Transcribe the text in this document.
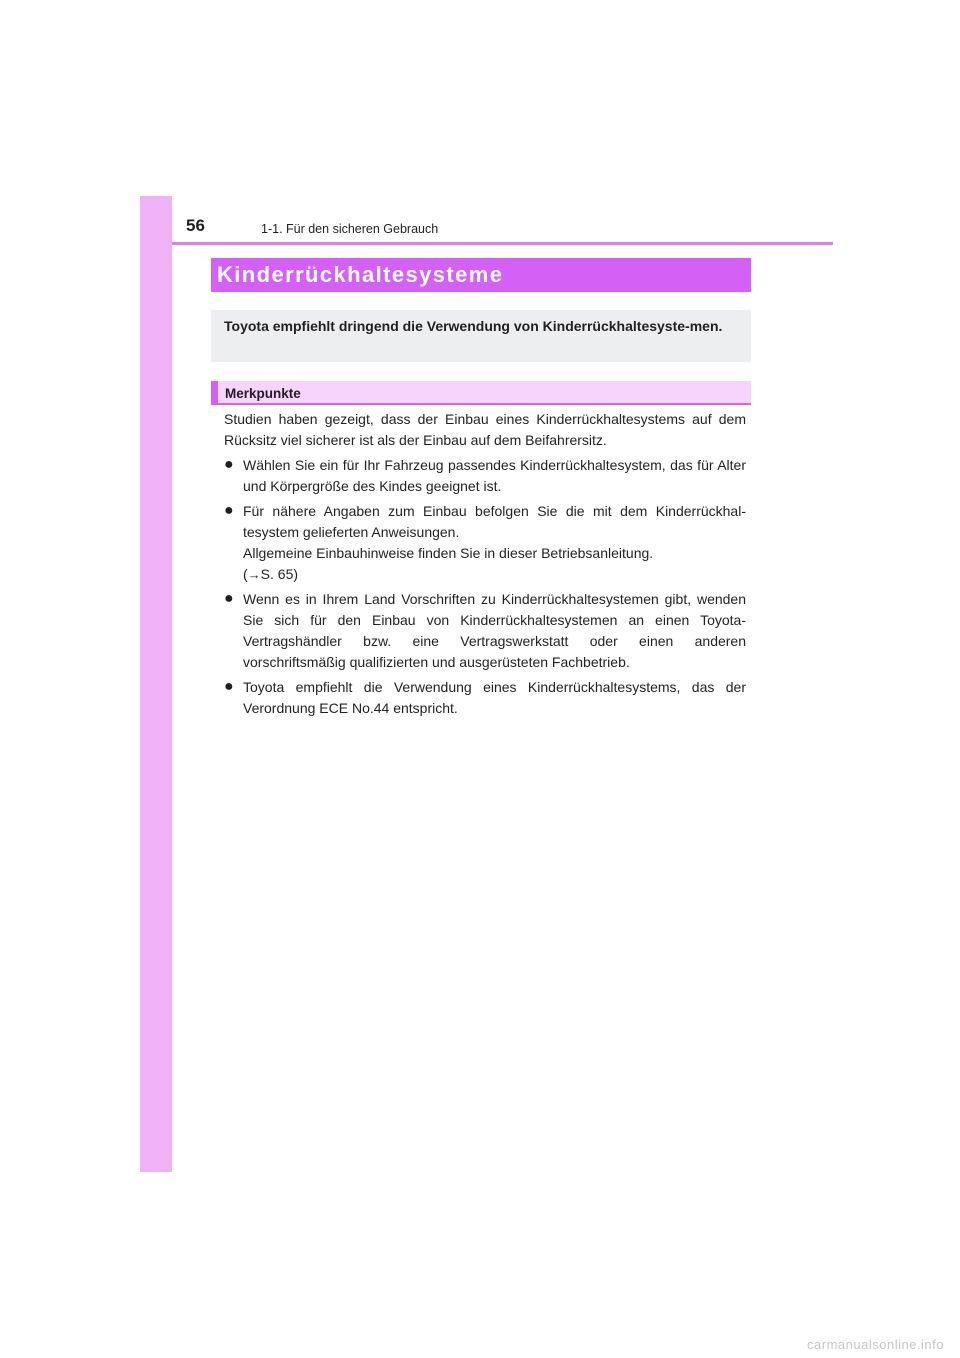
56	1-1. Für den sicheren Gebrauch
Kinderrückhaltesysteme
Toyota empfiehlt dringend die Verwendung von Kinderrückhaltesyste-men.
Merkpunkte

Studien haben gezeigt, dass der Einbau eines Kinderrückhaltesystems auf dem Rücksitz viel sicherer ist als der Einbau auf dem Beifahrersitz.

● Wählen Sie ein für Ihr Fahrzeug passendes Kinderrückhaltesystem, das für Alter und Körpergröße des Kindes geeignet ist.
● Für nähere Angaben zum Einbau befolgen Sie die mit dem Kinderrückhal-tesystem gelieferten Anweisungen.
Allgemeine Einbauhinweise finden Sie in dieser Betriebsanleitung.
(→S. 65)
● Wenn es in Ihrem Land Vorschriften zu Kinderrückhaltesystemen gibt, wenden Sie sich für den Einbau von Kinderrückhaltesystemen an einen Toyota-Vertragshändler bzw. eine Vertragswerkstatt oder einen anderen vorschriftsmäßig qualifizierten und ausgerüsteten Fachbetrieb.
● Toyota empfiehlt die Verwendung eines Kinderrückhaltesystems, das der Verordnung ECE No.44 entspricht.
carmanualsonline.info
